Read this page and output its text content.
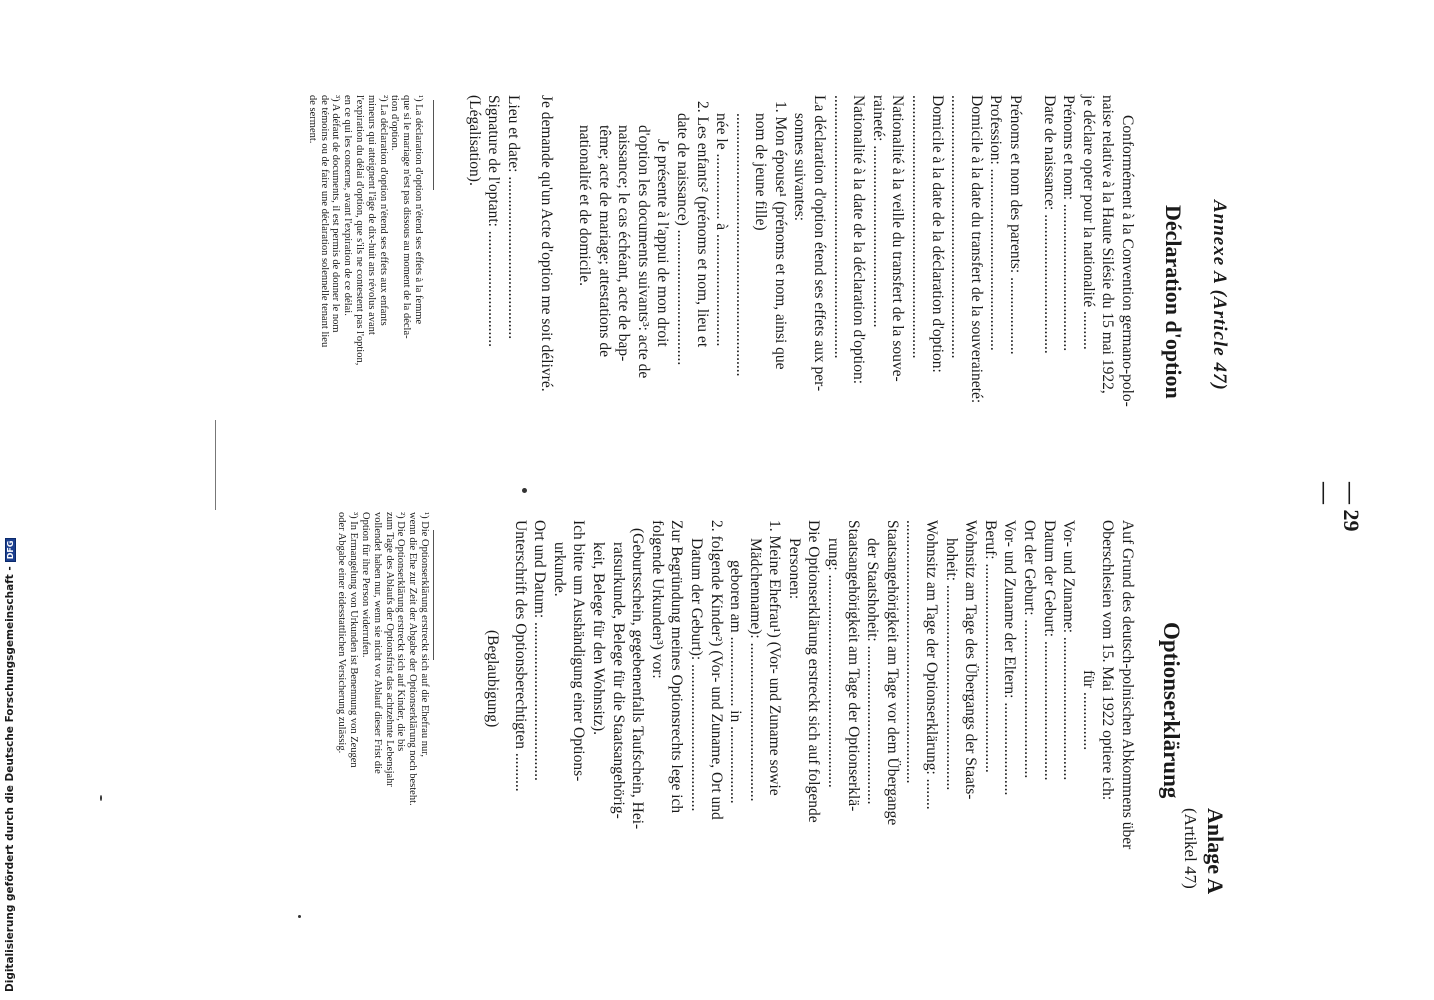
— 29 —
Anlage A
(Artikel 47)
Optionserklärung
Auf Grund des deutsch-polnischen Abkommens über
Oberschlesien vom 15. Mai 1922 optiere ich:
für ...............
Vor- und Zuname: .....................................
Datum der Geburt: ....................................
Ort der Geburt: .........................................
Vor- und Zuname der Eltern: ........................
Beruf: ......................................................
Wohnsitz am Tage des Übergangs der Staats-
hoheit: .....................................................
Wohnsitz am Tage der Optionserklärung: ........
....................................................................
Staatsangehörigkeit am Tage vor dem Übergange
der Staatshoheit: .........................................
Staatsangehörigkeit am Tage der Optionserklä-
rung: .......................................................
Die Optionserklärung erstreckt sich auf folgende
Personen:
1. Meine Ehefrau¹) (Vor- und Zuname sowie
Mädchenname): .........................................
geboren am .................. in ....................
2. folgende Kinder²) (Vor- und Zuname, Ort und
Datum der Geburt): ......................................
Zur Begründung meines Optionsrechts lege ich
folgende Urkunden³) vor:
(Geburtsschein, gegebenenfalls Taufschein, Hei-
ratsurkunde, Belege für die Staatsangehörig-
keit, Belege für den Wohnsitz).
Ich bitte um Aushändigung einer Options-
urkunde.
Ort und Datum: .........................................
Unterschrift des Optionsberechtigten ..........
(Beglaubigung)
¹) Die Optionserklärung erstreckt sich auf die Ehefrau nur,
wenn die Ehe zur Zeit der Abgabe der Optionserklärung noch besteht.
²) Die Optionserklärung erstreckt sich auf Kinder, die bis
zum Tage des Ablaufs der Optionsfrist das achtzehnte Lebensjahr
vollendet haben nur, wenn sie nicht vor Ablauf dieser Frist die
Option für ihre Person widerrufen.
³) In Ermangelung von Urkunden ist Benennung von Zeugen
oder Abgabe einer eidesstattlichen Versicherung zulässig.
Annexe A (Article 47)
Déclaration d'option
Conformément à la Convention germano-polo-
naise relative à la Haute Silésie du 15 mai 1922,
je déclare opter pour la nationalité ..........
Prénoms et nom: ......................................
Date de naissance: ....................................
Prénoms et nom des parents: ....................
Profession: ...............................................
Domicile à la date du transfert de la souveraineté:
....................................................................
Domicile à la date de la déclaration d'option:
....................................................................
Nationalité à la veille du transfert de la souve-
raineté: ...............................................
Nationalité à la date de la déclaration d'option:
....................................................................
La déclaration d'option étend ses effets aux per-
sonnes suivantes:
1. Mon épouse¹ (prénoms et nom, ainsi que
nom de jeune fille)
....................................................................
née le ................. à .............................
2. Les enfants² (prénoms et nom, lieu et
date de naissance) ...................................
Je présente à l'appui de mon droit
d'option les documents suivants³: acte de
naissance; le cas échéant, acte de bap-
tême; acte de mariage; attestations de
nationalité et de domicile.
Je demande qu'un Acte d'option me soit délivré.
Lieu et date: ..........................................
Signature de l'optant: ..............................
(Légalisation).
¹) La déclaration d'option n'étend ses effets à la femme
que si le mariage n'est pas dissous au moment de la décla-
tion d'option.
²) La déclaration d'option n'étend ses effets aux enfants
mineurs qui atteignent l'âge de dix-huit ans révolus avant
l'expiration du délai d'option, que s'ils ne contestent pas l'option,
en ce qui les concerne, avant l'expiration de ce délai.
³) A défaut de documents, il est permis de donner le nom
de témoins ou de faire une déclaration solennelle tenant lieu
de serment.
Digitalisierung gefördert durch die Deutsche Forschungsgemeinschaft -DFG
